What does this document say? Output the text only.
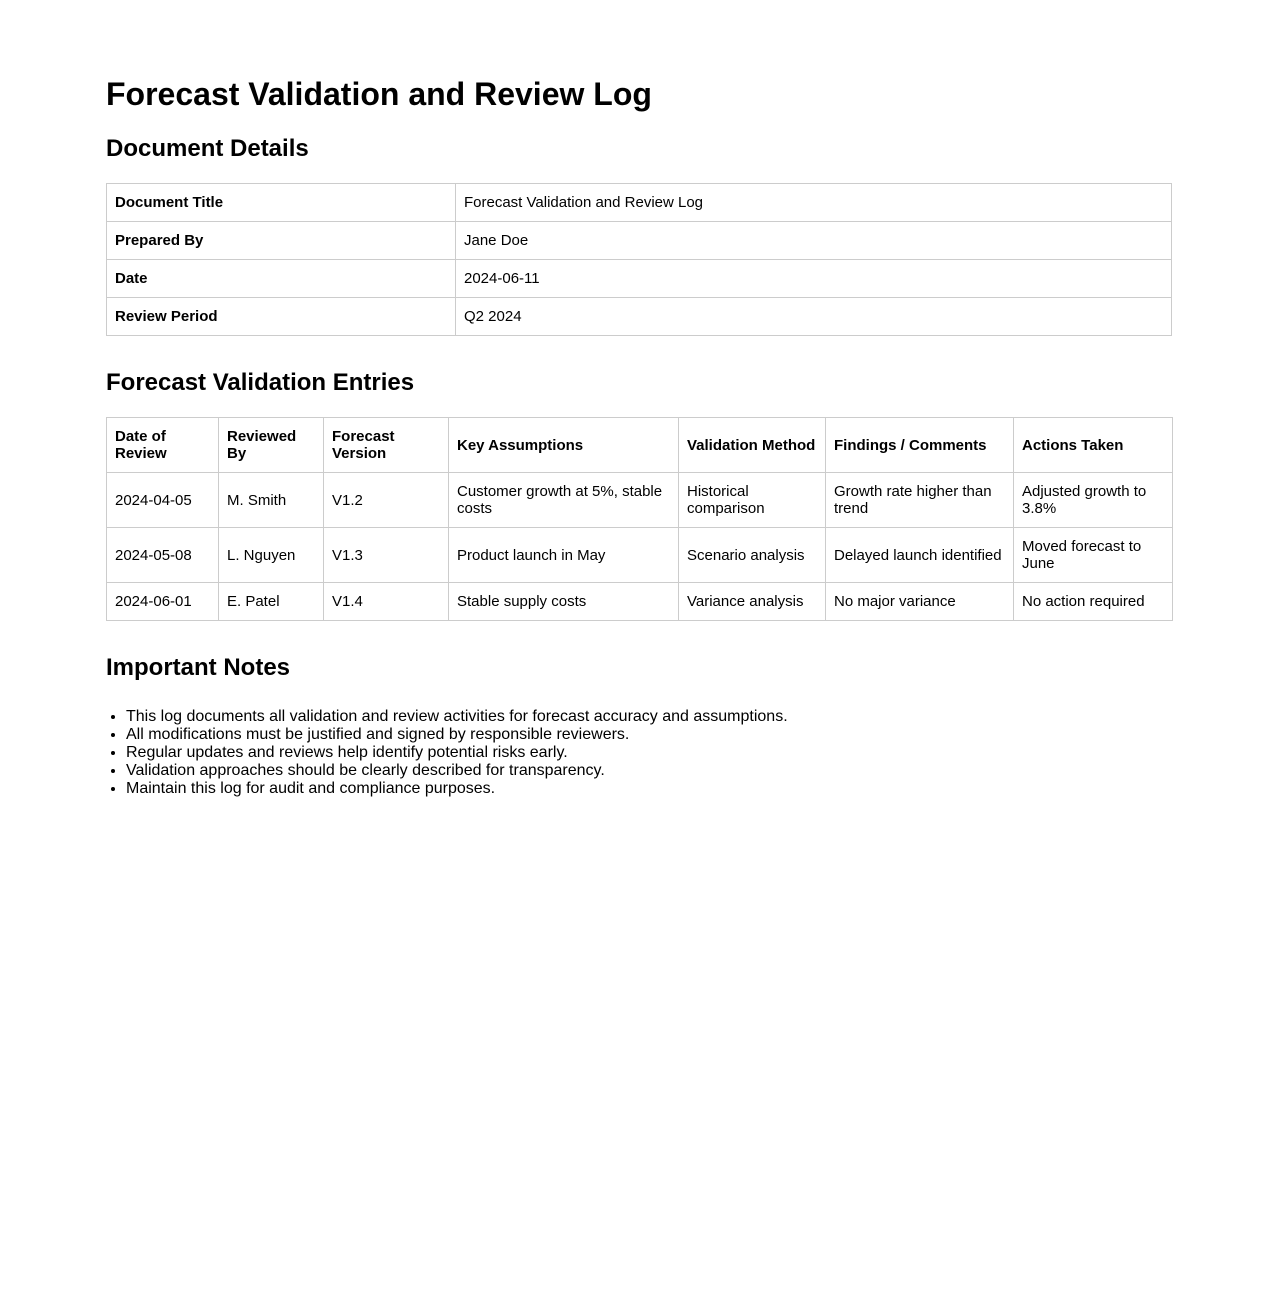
Forecast Validation and Review Log
Document Details
Document Title	Forecast Validation and Review Log
Prepared By	Jane Doe
Date	2024-06-11
Review Period	Q2 2024
Forecast Validation Entries
Date of Review	Reviewed By	Forecast Version	Key Assumptions	Validation Method	Findings / Comments	Actions Taken
2024-04-05	M. Smith	V1.2	Customer growth at 5%, stable costs	Historical comparison	Growth rate higher than trend	Adjusted growth to 3.8%
2024-05-08	L. Nguyen	V1.3	Product launch in May	Scenario analysis	Delayed launch identified	Moved forecast to June
2024-06-01	E. Patel	V1.4	Stable supply costs	Variance analysis	No major variance	No action required
Important Notes
• This log documents all validation and review activities for forecast accuracy and assumptions.
• All modifications must be justified and signed by responsible reviewers.
• Regular updates and reviews help identify potential risks early.
• Validation approaches should be clearly described for transparency.
• Maintain this log for audit and compliance purposes.
